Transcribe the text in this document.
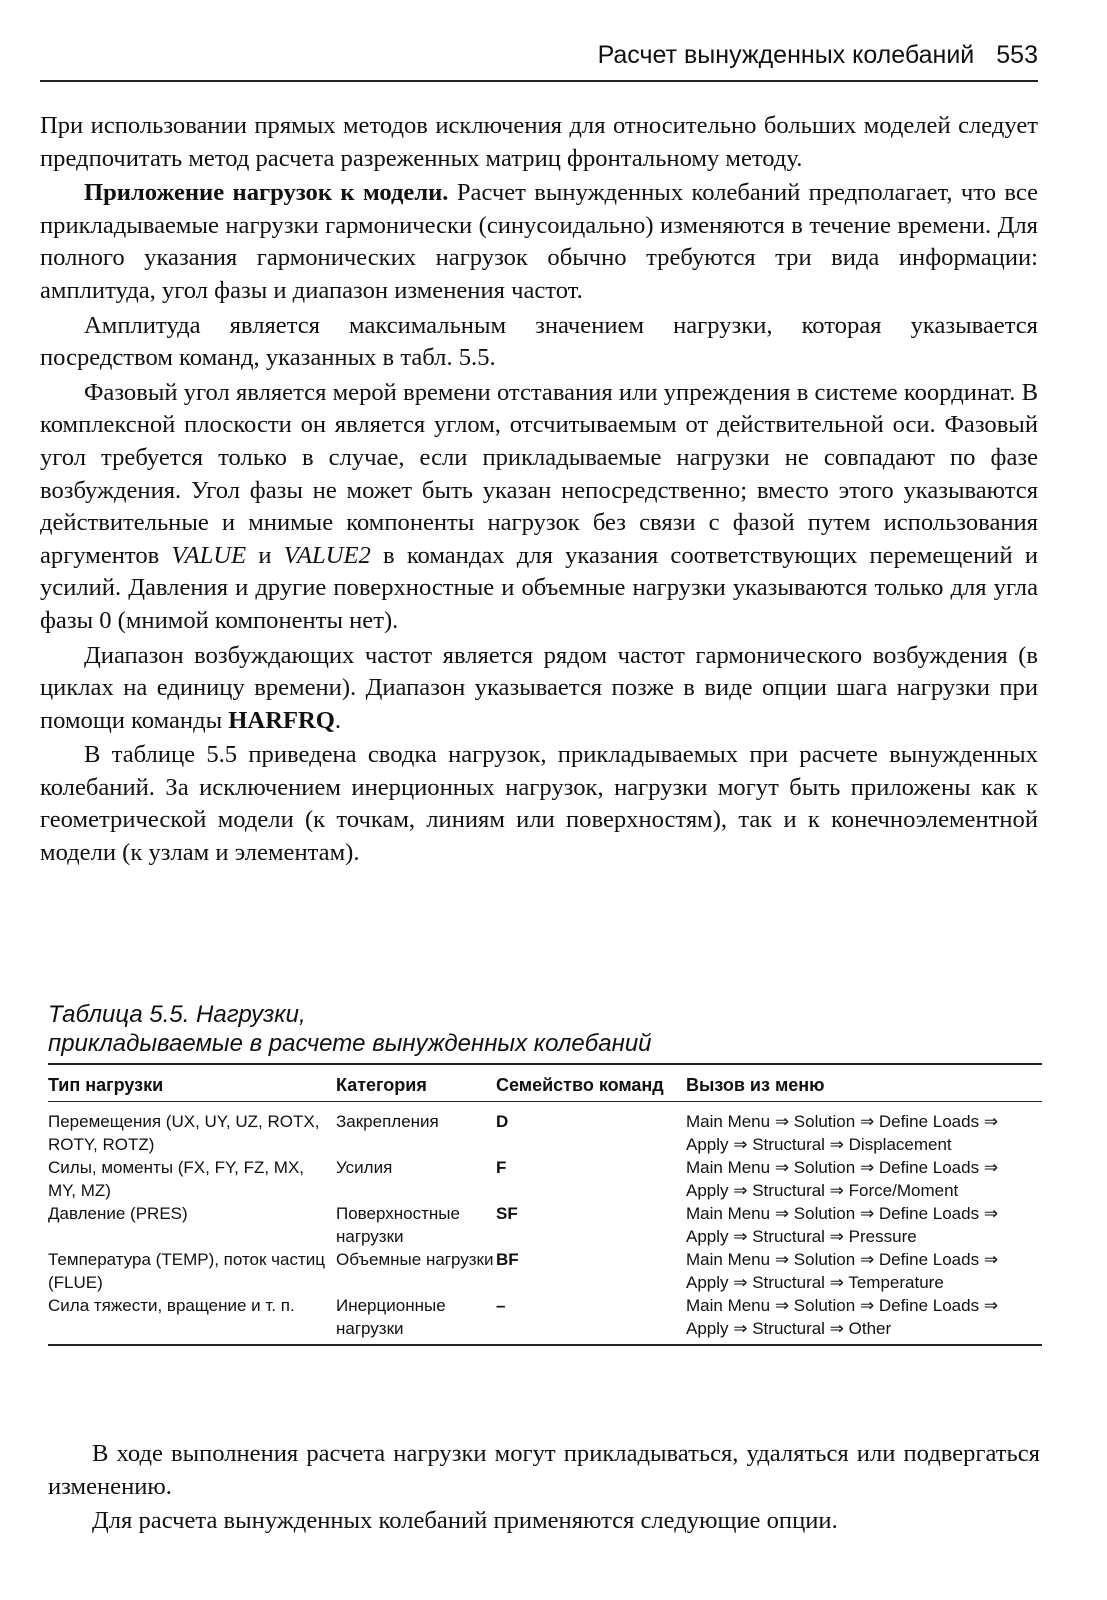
Расчет вынужденных колебаний 553

При использовании прямых методов исключения для относительно больших моделей следует предпочитать метод расчета разреженных матриц фронтальному методу.

Приложение нагрузок к модели. Расчет вынужденных колебаний предполагает, что все прикладываемые нагрузки гармонически (синусоидально) изменяются в течение времени. Для полного указания гармонических нагрузок обычно требуются три вида информации: амплитуда, угол фазы и диапазон изменения частот.

Амплитуда является максимальным значением нагрузки, которая указывается посредством команд, указанных в табл. 5.5.

Фазовый угол является мерой времени отставания или упреждения в системе координат. В комплексной плоскости он является углом, отсчитываемым от действительной оси. Фазовый угол требуется только в случае, если прикладываемые нагрузки не совпадают по фазе возбуждения. Угол фазы не может быть указан непосредственно; вместо этого указываются действительные и мнимые компоненты нагрузок без связи с фазой путем использования аргументов VALUE и VALUE2 в командах для указания соответствующих перемещений и усилий. Давления и другие поверхностные и объемные нагрузки указываются только для угла фазы 0 (мнимой компоненты нет).

Диапазон возбуждающих частот является рядом частот гармонического возбуждения (в циклах на единицу времени). Диапазон указывается позже в виде опции шага нагрузки при помощи команды HARFRQ.

В таблице 5.5 приведена сводка нагрузок, прикладываемых при расчете вынужденных колебаний. За исключением инерционных нагрузок, нагрузки могут быть приложены как к геометрической модели (к точкам, линиям или поверхностям), так и к конечноэлементной модели (к узлам и элементам).

Таблица 5.5. Нагрузки,
прикладываемые в расчете вынужденных колебаний
Тип нагрузки	Категория	Семейство команд	Вызов из меню
Перемещения (UX, UY, UZ, ROTX, ROTY, ROTZ)	Закрепления	D	Main Menu ⇒ Solution ⇒ Define Loads ⇒ Apply ⇒ Structural ⇒ Displacement
Силы, моменты (FX, FY, FZ, MX, MY, MZ)	Усилия	F	Main Menu ⇒ Solution ⇒ Define Loads ⇒ Apply ⇒ Structural ⇒ Force/Moment
Давление (PRES)	Поверхностные нагрузки	SF	Main Menu ⇒ Solution ⇒ Define Loads ⇒ Apply ⇒ Structural ⇒ Pressure
Температура (TEMP), поток частиц (FLUE)	Объемные нагрузки	BF	Main Menu ⇒ Solution ⇒ Define Loads ⇒ Apply ⇒ Structural ⇒ Temperature
Сила тяжести, вращение и т. п.	Инерционные нагрузки	–	Main Menu ⇒ Solution ⇒ Define Loads ⇒ Apply ⇒ Structural ⇒ Other

В ходе выполнения расчета нагрузки могут прикладываться, удаляться или подвергаться изменению.

Для расчета вынужденных колебаний применяются следующие опции.
